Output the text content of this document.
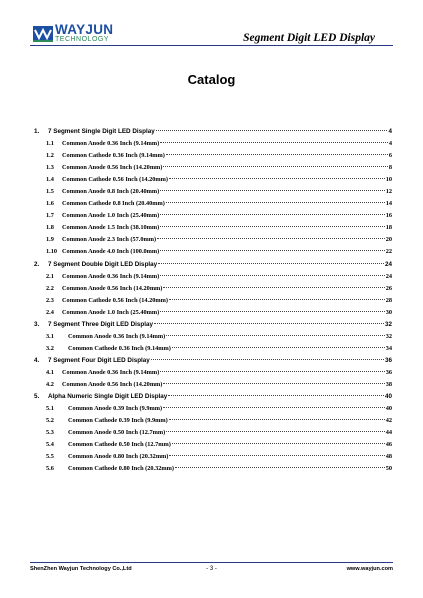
WAYJUN
TECHNOLOGY	Segment Digit LED Display
Catalog
1.	7 Segment Single Digit LED Display	4
1.1	Common Anode 0.36 Inch (9.14mm)	4
1.2	Common Cathode 0.36 Inch (9.14mm)	6
1.3	Common Anode 0.56 Inch (14.20mm)	8
1.4	Common Cathode 0.56 Inch (14.20mm)	10
1.5	Common Anode 0.8 Inch (20.40mm)	12
1.6	Common Cathode 0.8 Inch (20.40mm)	14
1.7	Common Anode 1.0 Inch (25.40mm)	16
1.8	Common Anode 1.5 Inch (38.10mm)	18
1.9	Common Anode 2.3 Inch (57.0mm)	20
1.10 Common Anode 4.0 Inch (100.0mm)	22
2.	7 Segment Double Digit LED Display	24
2.1	Common Anode 0.36 Inch (9.14mm)	24
2.2	Common Anode 0.56 Inch (14.20mm)	26
2.3	Common Cathode 0.56 Inch (14.20mm)	28
2.4	Common Anode 1.0 Inch (25.40mm)	30
3.	7 Segment Three Digit LED Display	32
3.1	Common Anode 0.36 Inch (9.14mm)	32
3.2	Common Cathode 0.36 Inch (9.14mm)	34
4.	7 Segment Four Digit LED Display	36
4.1	Common Anode 0.36 Inch (9.14mm)	36
4.2	Common Anode 0.56 Inch (14.20mm)	38
5.	Alpha Numeric Single Digit LED Display	40
5.1	Common Anode 0.39 Inch (9.9mm)	40
5.2	Common Cathode 0.39 Inch (9.9mm)	42
5.3	Common Anode 0.50 Inch (12.7mm)	44
5.4	Common Cathode 0.50 Inch (12.7mm)	46
5.5	Common Anode 0.80 Inch (20.32mm)	48
5.6	Common Cathode 0.80 Inch (20.32mm)	50
ShenZhen Wayjun Technology Co.,Ltd	- 3 -	www.wayjun.com
